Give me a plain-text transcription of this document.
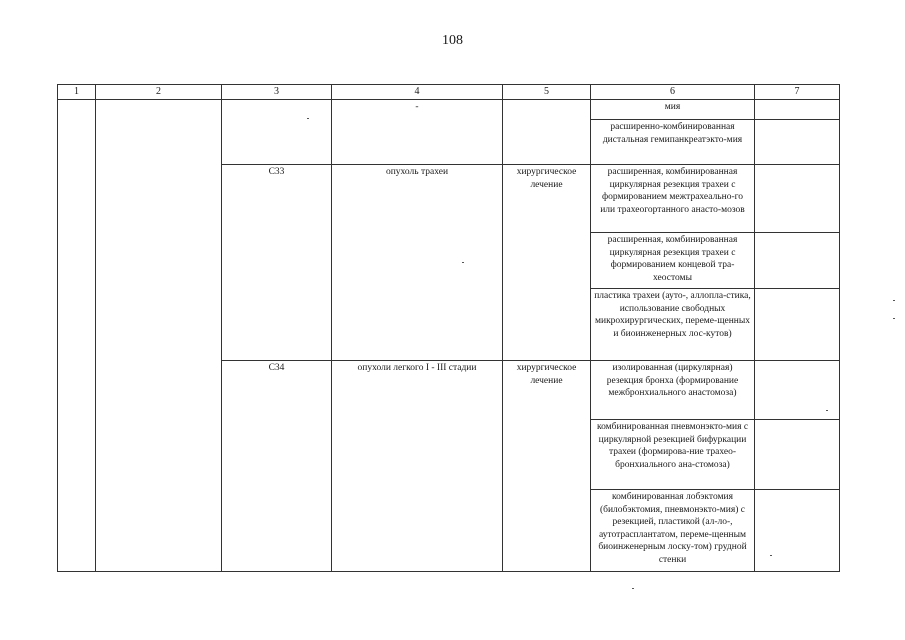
108
1	2	3	4	5	6	7
			-		мия	
					расширенно-комбинированная дистальная гемипанкреатэкто-мия	
		C33	опухоль трахеи	хирургическое лечение	расширенная, комбинированная циркулярная резекция трахеи с формированием межтрахеально-го или трахеогортанного анасто-мозов	
					расширенная, комбинированная циркулярная резекция трахеи с формированием концевой тра-хеостомы	
					пластика трахеи (ауто-, аллопла-стика, использование свободных микрохирургических, переме-щенных и биоинженерных лос-кутов)	
		C34	опухоли легкого I - III стадии	хирургическое лечение	изолированная (циркулярная) резекция бронха (формирование межбронхиального анастомоза)	
					комбинированная пневмонэкто-мия с циркулярной резекцией бифуркации трахеи (формирова-ние трахео-бронхиального ана-стомоза)	
					комбинированная лобэктомия (билобэктомия, пневмонэкто-мия) с резекцией, пластикой (ал-ло-, аутотрасплантатом, переме-щенным биоинженерным лоску-том) грудной стенки	
